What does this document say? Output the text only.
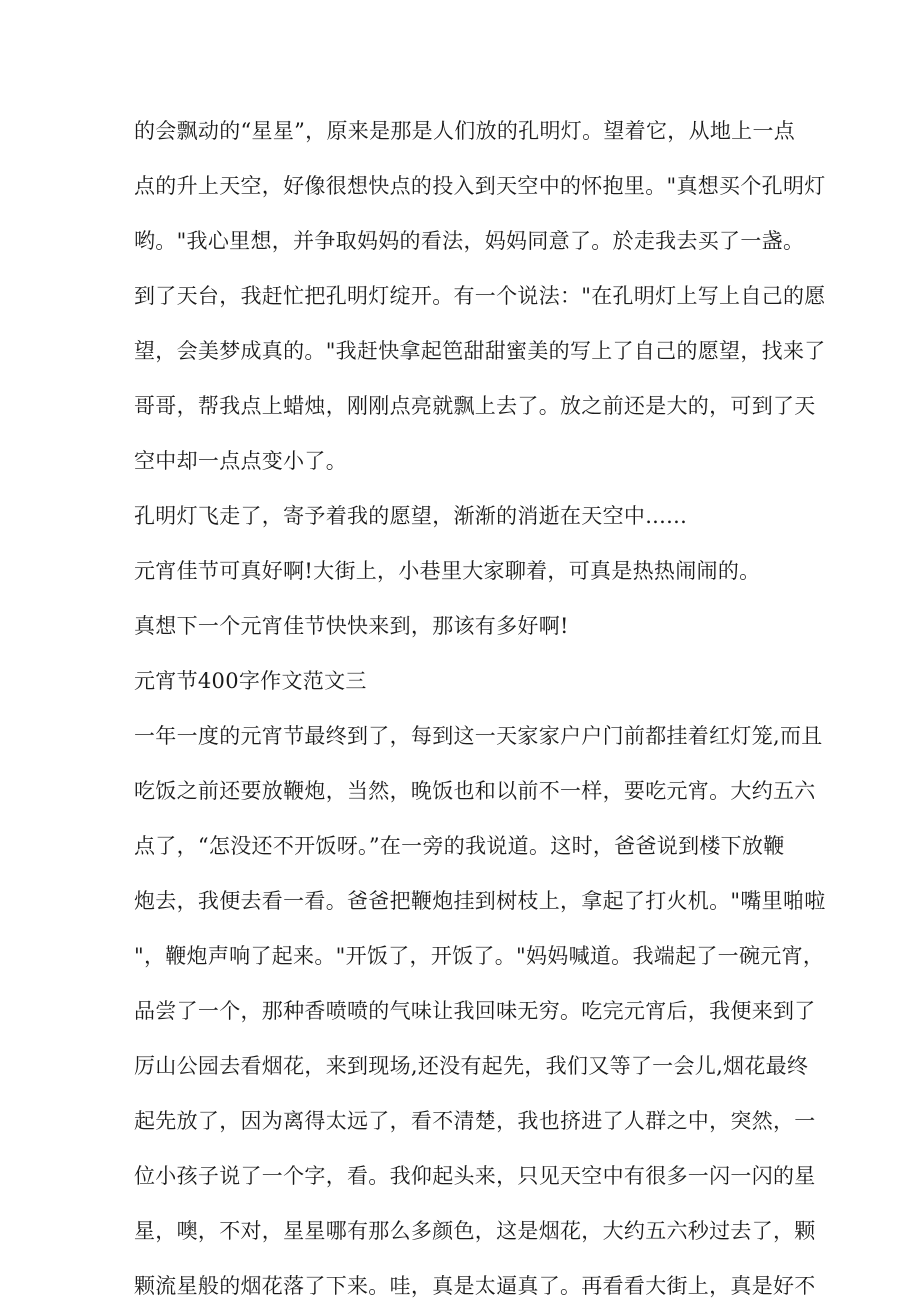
的会飘动的“星星”，原来是那是人们放的孔明灯。望着它，从地上一点
点的升上天空，好像很想快点的投入到天空中的怀抱里。"真想买个孔明灯
哟。"我心里想，并争取妈妈的看法，妈妈同意了。於走我去买了一盏。
到了天台，我赶忙把孔明灯绽开。有一个说法："在孔明灯上写上自己的愿
望，会美梦成真的。"我赶快拿起笆甜甜蜜美的写上了自己的愿望，找来了
哥哥，帮我点上蜡烛，刚刚点亮就飘上去了。放之前还是大的，可到了天
空中却一点点变小了。
孔明灯飞走了，寄予着我的愿望，渐渐的消逝在天空中......
元宵佳节可真好啊!大街上，小巷里大家聊着，可真是热热闹闹的。
真想下一个元宵佳节快快来到，那该有多好啊!
元宵节400字作文范文三
一年一度的元宵节最终到了，每到这一天家家户户门前都挂着红灯笼,而且
吃饭之前还要放鞭炮，当然，晚饭也和以前不一样，要吃元宵。大约五六
点了，“怎没还不开饭呀。”在一旁的我说道。这时，爸爸说到楼下放鞭
炮去，我便去看一看。爸爸把鞭炮挂到树枝上，拿起了打火机。"嘴里啪啦
"，鞭炮声响了起来。"开饭了，开饭了。"妈妈喊道。我端起了一碗元宵，
品尝了一个，那种香喷喷的气味让我回味无穷。吃完元宵后，我便来到了
厉山公园去看烟花，来到现场,还没有起先，我们又等了一会儿,烟花最终
起先放了，因为离得太远了，看不清楚，我也挤进了人群之中，突然，一
位小孩子说了一个字，看。我仰起头来，只见天空中有很多一闪一闪的星
星，噢，不对，星星哪有那么多颜色，这是烟花，大约五六秒过去了，颗
颗流星般的烟花落了下来。哇，真是太逼真了。再看看大街上，真是好不
